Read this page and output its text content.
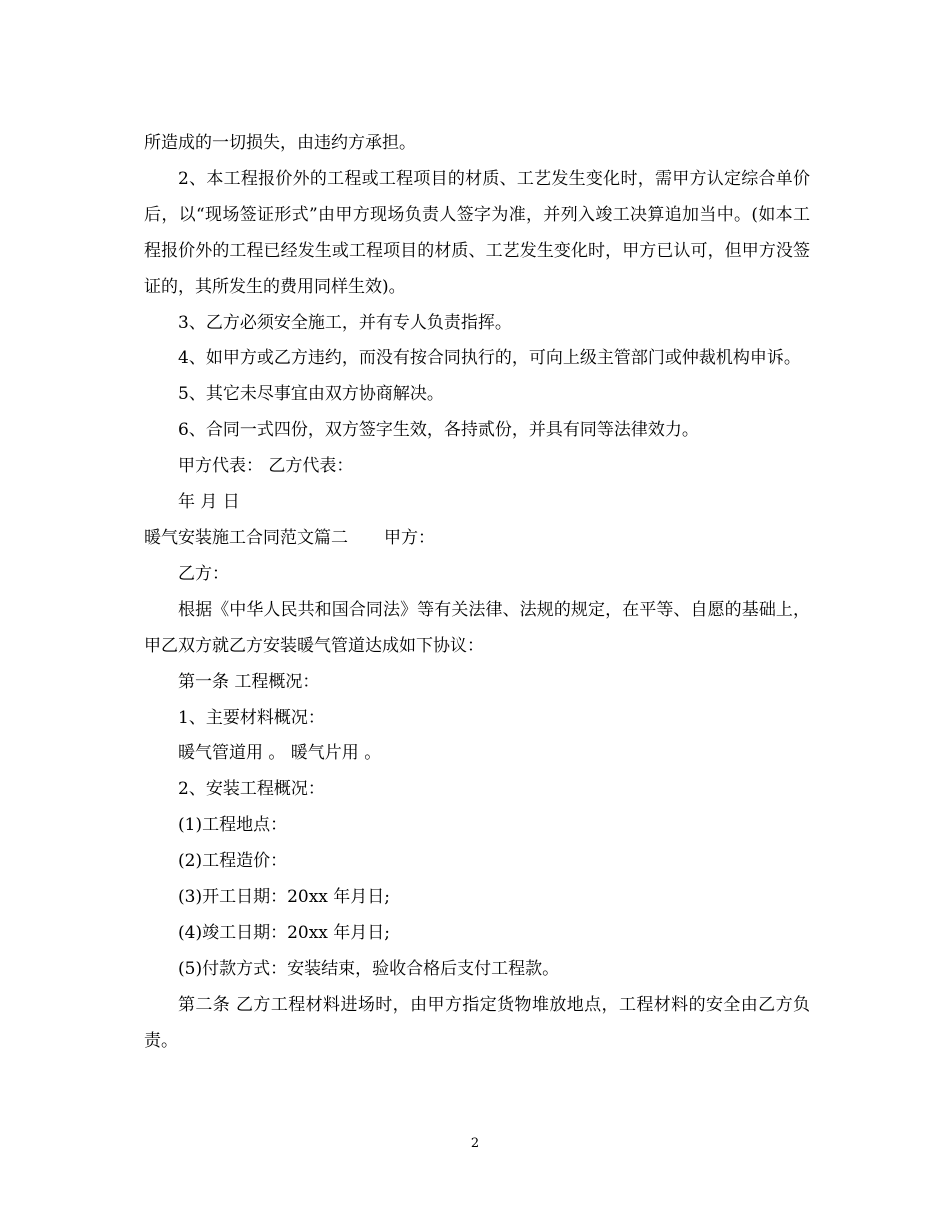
所造成的一切损失，由违约方承担。

2、本工程报价外的工程或工程项目的材质、工艺发生变化时，需甲方认定综合单价后，以“现场签证形式”由甲方现场负责人签字为准，并列入竣工决算追加当中。(如本工程报价外的工程已经发生或工程项目的材质、工艺发生变化时，甲方已认可，但甲方没签证的，其所发生的费用同样生效)。

3、乙方必须安全施工，并有专人负责指挥。

4、如甲方或乙方违约，而没有按合同执行的，可向上级主管部门或仲裁机构申诉。

5、其它未尽事宜由双方协商解决。

6、合同一式四份，双方签字生效，各持贰份，并具有同等法律效力。

甲方代表： 乙方代表：

年 月 日

暖气安装施工合同范文篇二 甲方：

乙方：

根据《中华人民共和国合同法》等有关法律、法规的规定，在平等、自愿的基础上，甲乙双方就乙方安装暖气管道达成如下协议：

第一条 工程概况：

1、主要材料概况：

暖气管道用 。 暖气片用 。

2、安装工程概况：

(1)工程地点：

(2)工程造价：

(3)开工日期：20xx 年月日;

(4)竣工日期：20xx 年月日;

(5)付款方式：安装结束，验收合格后支付工程款。

第二条 乙方工程材料进场时，由甲方指定货物堆放地点，工程材料的安全由乙方负责。

2
